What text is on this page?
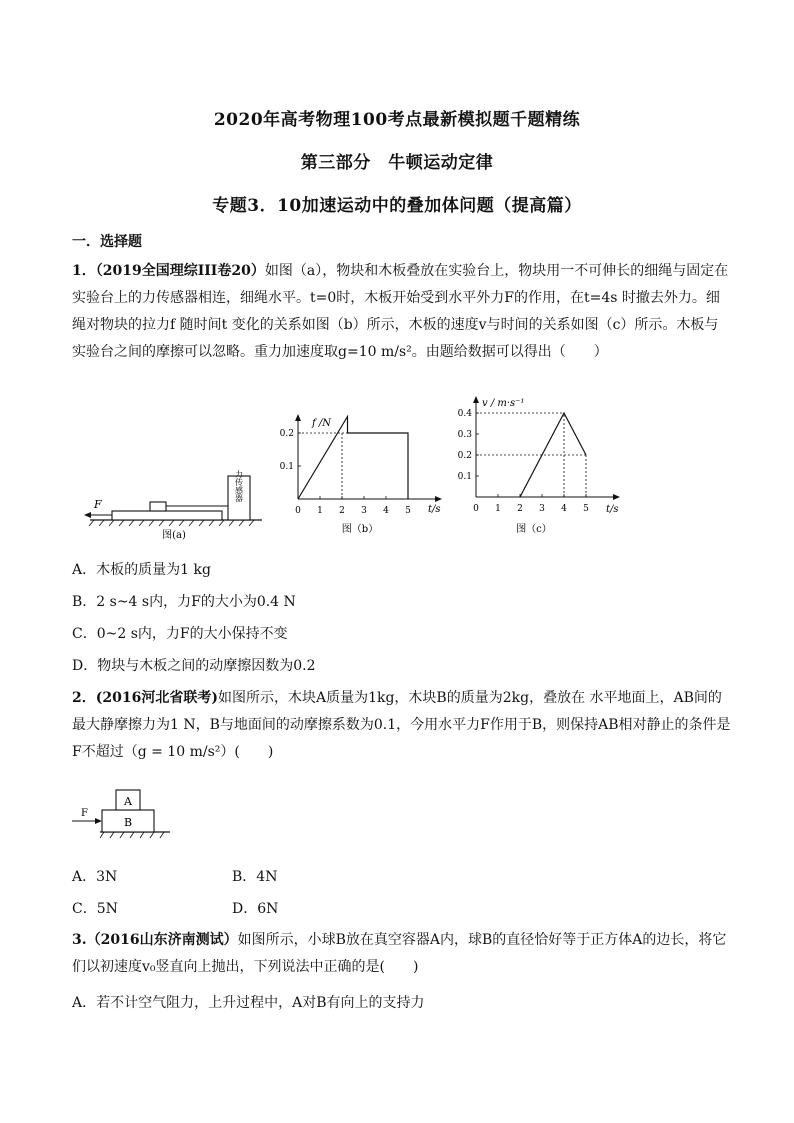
2020年高考物理100考点最新模拟题千题精练
第三部分　牛顿运动定律
专题3．10加速运动中的叠加体问题（提高篇）
一．选择题
1．（2019全国理综III卷20）如图（a），物块和木板叠放在实验台上，物块用一不可伸长的细绳与固定在实验台上的力传感器相连，细绳水平。t=0时，木板开始受到水平外力F的作用，在t=4s 时撤去外力。细绳对物块的拉力f 随时间t 变化的关系如图（b）所示，木板的速度v与时间的关系如图（c）所示。木板与实验台之间的摩擦可以忽略。重力加速度取g=10 m/s²。由题给数据可以得出（　　）
力传感器
F
图(a)
f /N
t/s
0 1 2 3 4 5
0.1
0.2
图（b）
v / m·s⁻¹
t/s
0 1 2 3 4 5
0.1
0.2
0.3
0.4
图（c）
A．木板的质量为1 kg
B．2 s~4 s内，力F的大小为0.4 N
C．0~2 s内，力F的大小保持不变
D．物块与木板之间的动摩擦因数为0.2
2．(2016河北省联考)如图所示，木块A质量为1kg，木块B的质量为2kg，叠放在 水平地面上，AB间的最大静摩擦力为1 N，B与地面间的动摩擦系数为0.1，今用水平力F作用于B，则保持AB相对静止的条件是F不超过（g = 10 m/s²）(　　)
A
B
F
A．3N	B．4N
C．5N	D．6N
3.（2016山东济南测试）如图所示，小球B放在真空容器A内，球B的直径恰好等于正方体A的边长，将它们以初速度v₀竖直向上抛出，下列说法中正确的是(　　)
A．若不计空气阻力，上升过程中，A对B有向上的支持力
